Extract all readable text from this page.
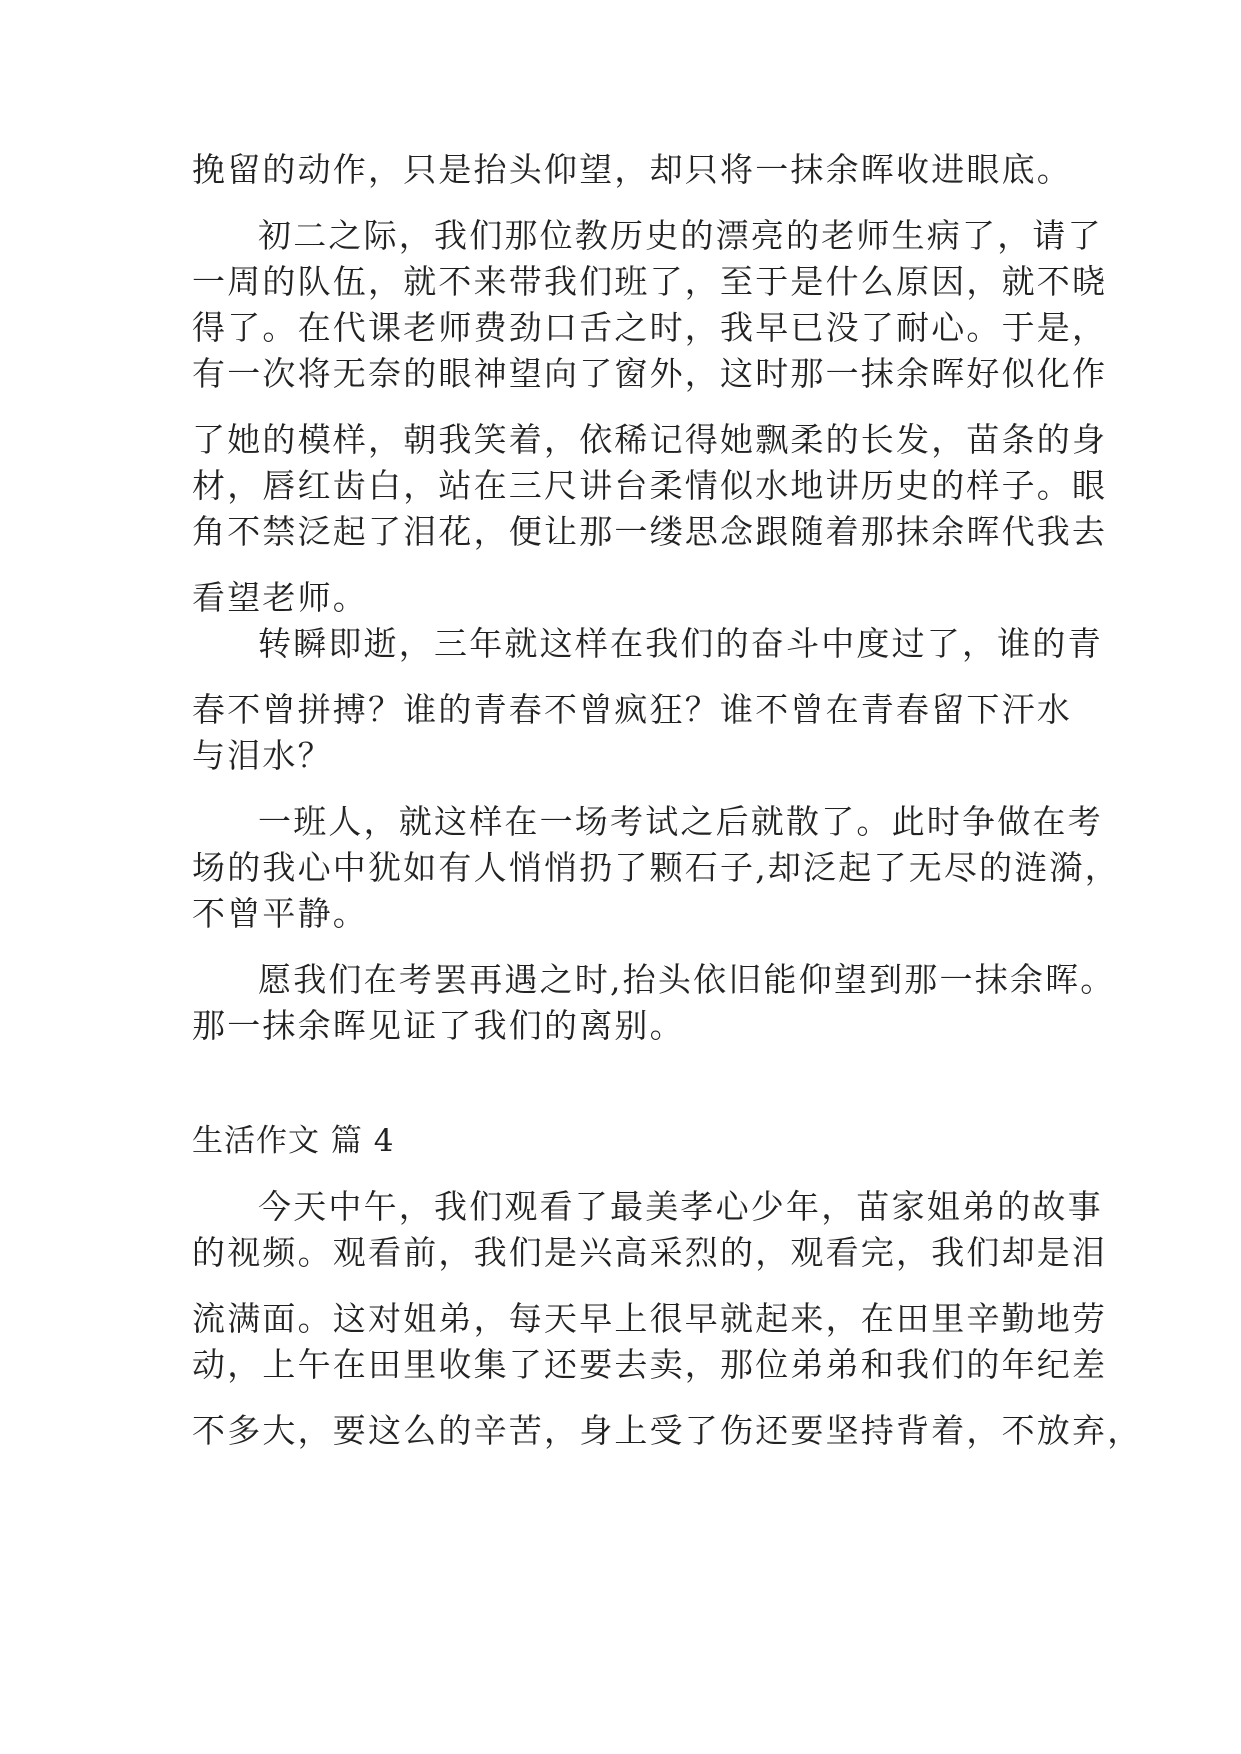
挽留的动作，只是抬头仰望，却只将一抹余晖收进眼底。
初二之际，我们那位教历史的漂亮的老师生病了，请了
一周的队伍，就不来带我们班了，至于是什么原因，就不晓
得了。在代课老师费劲口舌之时，我早已没了耐心。于是，
有一次将无奈的眼神望向了窗外，这时那一抹余晖好似化作
了她的模样，朝我笑着，依稀记得她飘柔的长发，苗条的身
材，唇红齿白，站在三尺讲台柔情似水地讲历史的样子。眼
角不禁泛起了泪花，便让那一缕思念跟随着那抹余晖代我去
看望老师。
转瞬即逝，三年就这样在我们的奋斗中度过了，谁的青
春不曾拼搏？谁的青春不曾疯狂？谁不曾在青春留下汗水
与泪水？
一班人，就这样在一场考试之后就散了。此时争做在考
场的我心中犹如有人悄悄扔了颗石子,却泛起了无尽的涟漪，
不曾平静。
愿我们在考罢再遇之时,抬头依旧能仰望到那一抹余晖。
那一抹余晖见证了我们的离别。
生活作文 篇 4
今天中午，我们观看了最美孝心少年，苗家姐弟的故事
的视频。观看前，我们是兴高采烈的，观看完，我们却是泪
流满面。这对姐弟，每天早上很早就起来，在田里辛勤地劳
动，上午在田里收集了还要去卖，那位弟弟和我们的年纪差
不多大，要这么的辛苦，身上受了伤还要坚持背着，不放弃，
